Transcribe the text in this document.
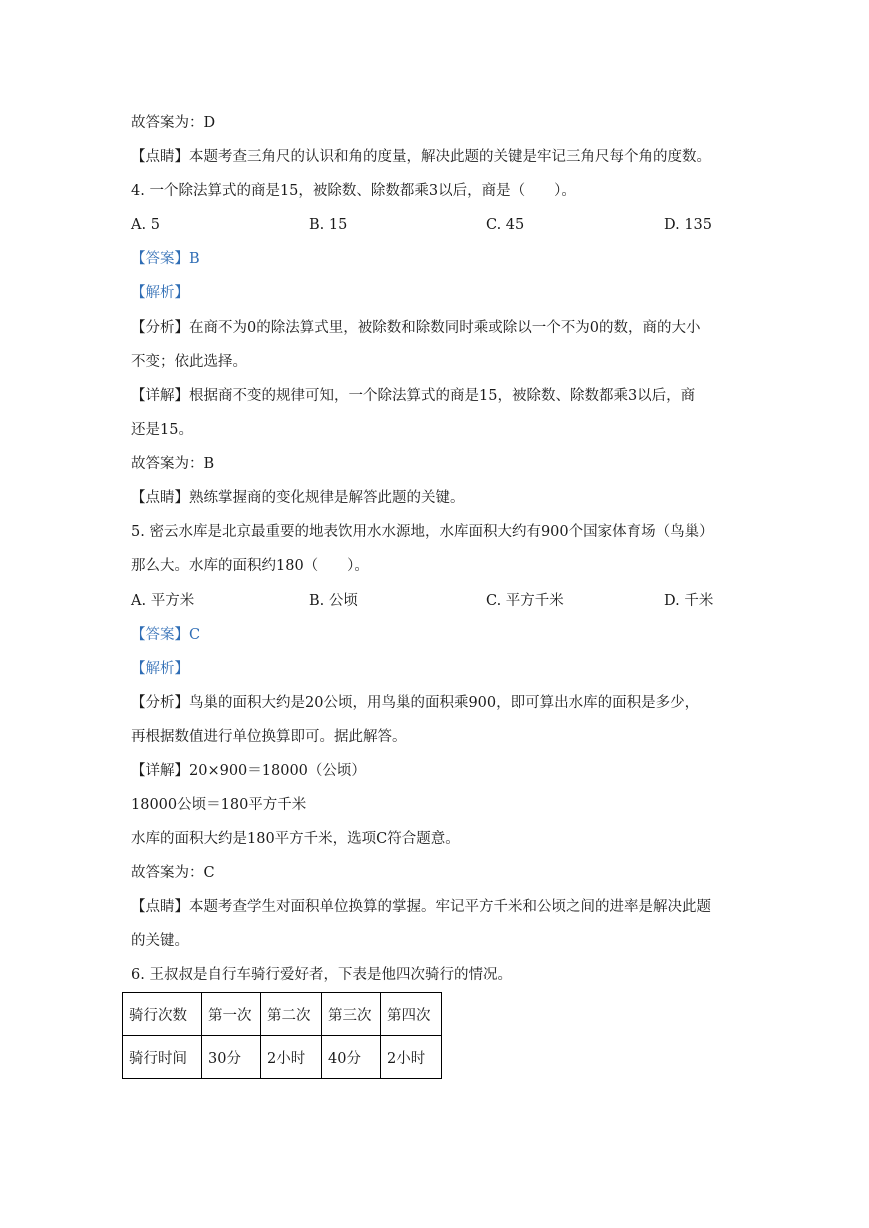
故答案为：D
【点睛】本题考查三角尺的认识和角的度量，解决此题的关键是牢记三角尺每个角的度数。
4. 一个除法算式的商是15，被除数、除数都乘3以后，商是（　　）。
A. 5	B. 15	C. 45	D. 135
【答案】B
【解析】
【分析】在商不为0的除法算式里，被除数和除数同时乘或除以一个不为0的数，商的大小
不变；依此选择。
【详解】根据商不变的规律可知，一个除法算式的商是15，被除数、除数都乘3以后，商
还是15。
故答案为：B
【点睛】熟练掌握商的变化规律是解答此题的关键。
5. 密云水库是北京最重要的地表饮用水水源地，水库面积大约有900个国家体育场（鸟巢）
那么大。水库的面积约180（　　）。
A. 平方米	B. 公顷	C. 平方千米	D. 千米
【答案】C
【解析】
【分析】鸟巢的面积大约是20公顷，用鸟巢的面积乘900，即可算出水库的面积是多少，
再根据数值进行单位换算即可。据此解答。
【详解】20×900＝18000（公顷）
18000公顷＝180平方千米
水库的面积大约是180平方千米，选项C符合题意。
故答案为：C
【点睛】本题考查学生对面积单位换算的掌握。牢记平方千米和公顷之间的进率是解决此题
的关键。
6. 王叔叔是自行车骑行爱好者，下表是他四次骑行的情况。
骑行次数	第一次	第二次	第三次	第四次
骑行时间	30分	2小时	40分	2小时
